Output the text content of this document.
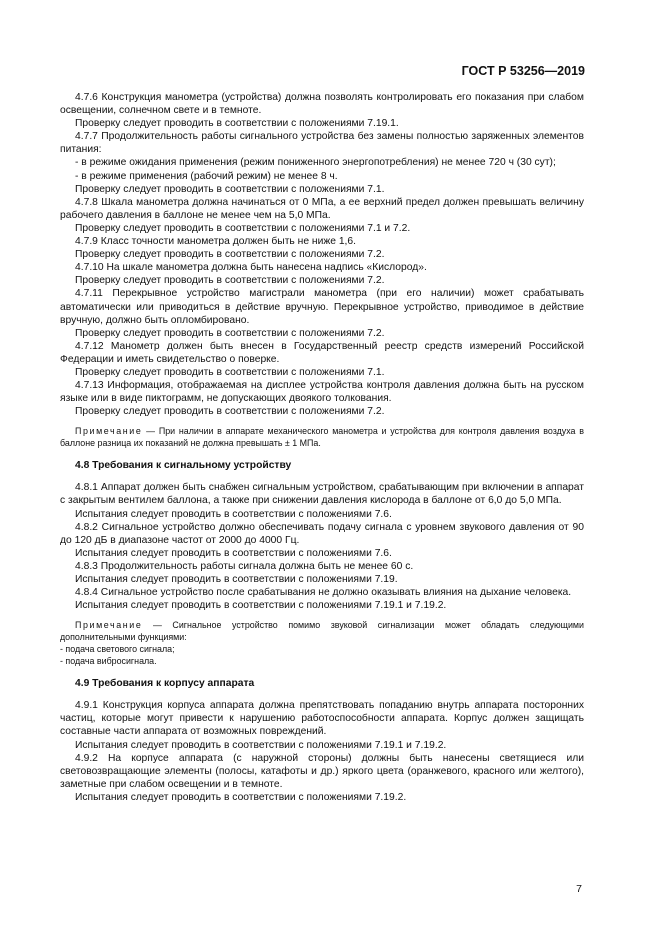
ГОСТ Р 53256—2019

4.7.6 Конструкция манометра (устройства) должна позволять контролировать его показания при слабом освещении, солнечном свете и в темноте.

Проверку следует проводить в соответствии с положениями 7.19.1.

4.7.7 Продолжительность работы сигнального устройства без замены полностью заряженных элементов питания:

- в режиме ожидания применения (режим пониженного энергопотребления) не менее 720 ч (30 сут);

- в режиме применения (рабочий режим) не менее 8 ч.

Проверку следует проводить в соответствии с положениями 7.1.

4.7.8 Шкала манометра должна начинаться от 0 МПа, а ее верхний предел должен превышать величину рабочего давления в баллоне не менее чем на 5,0 МПа.

Проверку следует проводить в соответствии с положениями 7.1 и 7.2.

4.7.9 Класс точности манометра должен быть не ниже 1,6.

Проверку следует проводить в соответствии с положениями 7.2.

4.7.10 На шкале манометра должна быть нанесена надпись «Кислород».

Проверку следует проводить в соответствии с положениями 7.2.

4.7.11 Перекрывное устройство магистрали манометра (при его наличии) может срабатывать автоматически или приводиться в действие вручную. Перекрывное устройство, приводимое в действие вручную, должно быть опломбировано.

Проверку следует проводить в соответствии с положениями 7.2.

4.7.12 Манометр должен быть внесен в Государственный реестр средств измерений Российской Федерации и иметь свидетельство о поверке.

Проверку следует проводить в соответствии с положениями 7.1.

4.7.13 Информация, отображаемая на дисплее устройства контроля давления должна быть на русском языке или в виде пиктограмм, не допускающих двоякого толкования.

Проверку следует проводить в соответствии с положениями 7.2.

Примечание — При наличии в аппарате механического манометра и устройства для контроля давления воздуха в баллоне разница их показаний не должна превышать ± 1 МПа.

4.8 Требования к сигнальному устройству

4.8.1 Аппарат должен быть снабжен сигнальным устройством, срабатывающим при включении в аппарат с закрытым вентилем баллона, а также при снижении давления кислорода в баллоне от 6,0 до 5,0 МПа.

Испытания следует проводить в соответствии с положениями 7.6.

4.8.2 Сигнальное устройство должно обеспечивать подачу сигнала с уровнем звукового давления от 90 до 120 дБ в диапазоне частот от 2000 до 4000 Гц.

Испытания следует проводить в соответствии с положениями 7.6.

4.8.3 Продолжительность работы сигнала должна быть не менее 60 с.

Испытания следует проводить в соответствии с положениями 7.19.

4.8.4 Сигнальное устройство после срабатывания не должно оказывать влияния на дыхание человека.

Испытания следует проводить в соответствии с положениями 7.19.1 и 7.19.2.

Примечание — Сигнальное устройство помимо звуковой сигнализации может обладать следующими дополнительными функциями:

- подача светового сигнала;
- подача вибросигнала.
4.9 Требования к корпусу аппарата

4.9.1 Конструкция корпуса аппарата должна препятствовать попаданию внутрь аппарата посторонних частиц, которые могут привести к нарушению работоспособности аппарата. Корпус должен защищать составные части аппарата от возможных повреждений.

Испытания следует проводить в соответствии с положениями 7.19.1 и 7.19.2.

4.9.2 На корпусе аппарата (с наружной стороны) должны быть нанесены светящиеся или световозвращающие элементы (полосы, катафоты и др.) яркого цвета (оранжевого, красного или желтого), заметные при слабом освещении и в темноте.

Испытания следует проводить в соответствии с положениями 7.19.2.

7
